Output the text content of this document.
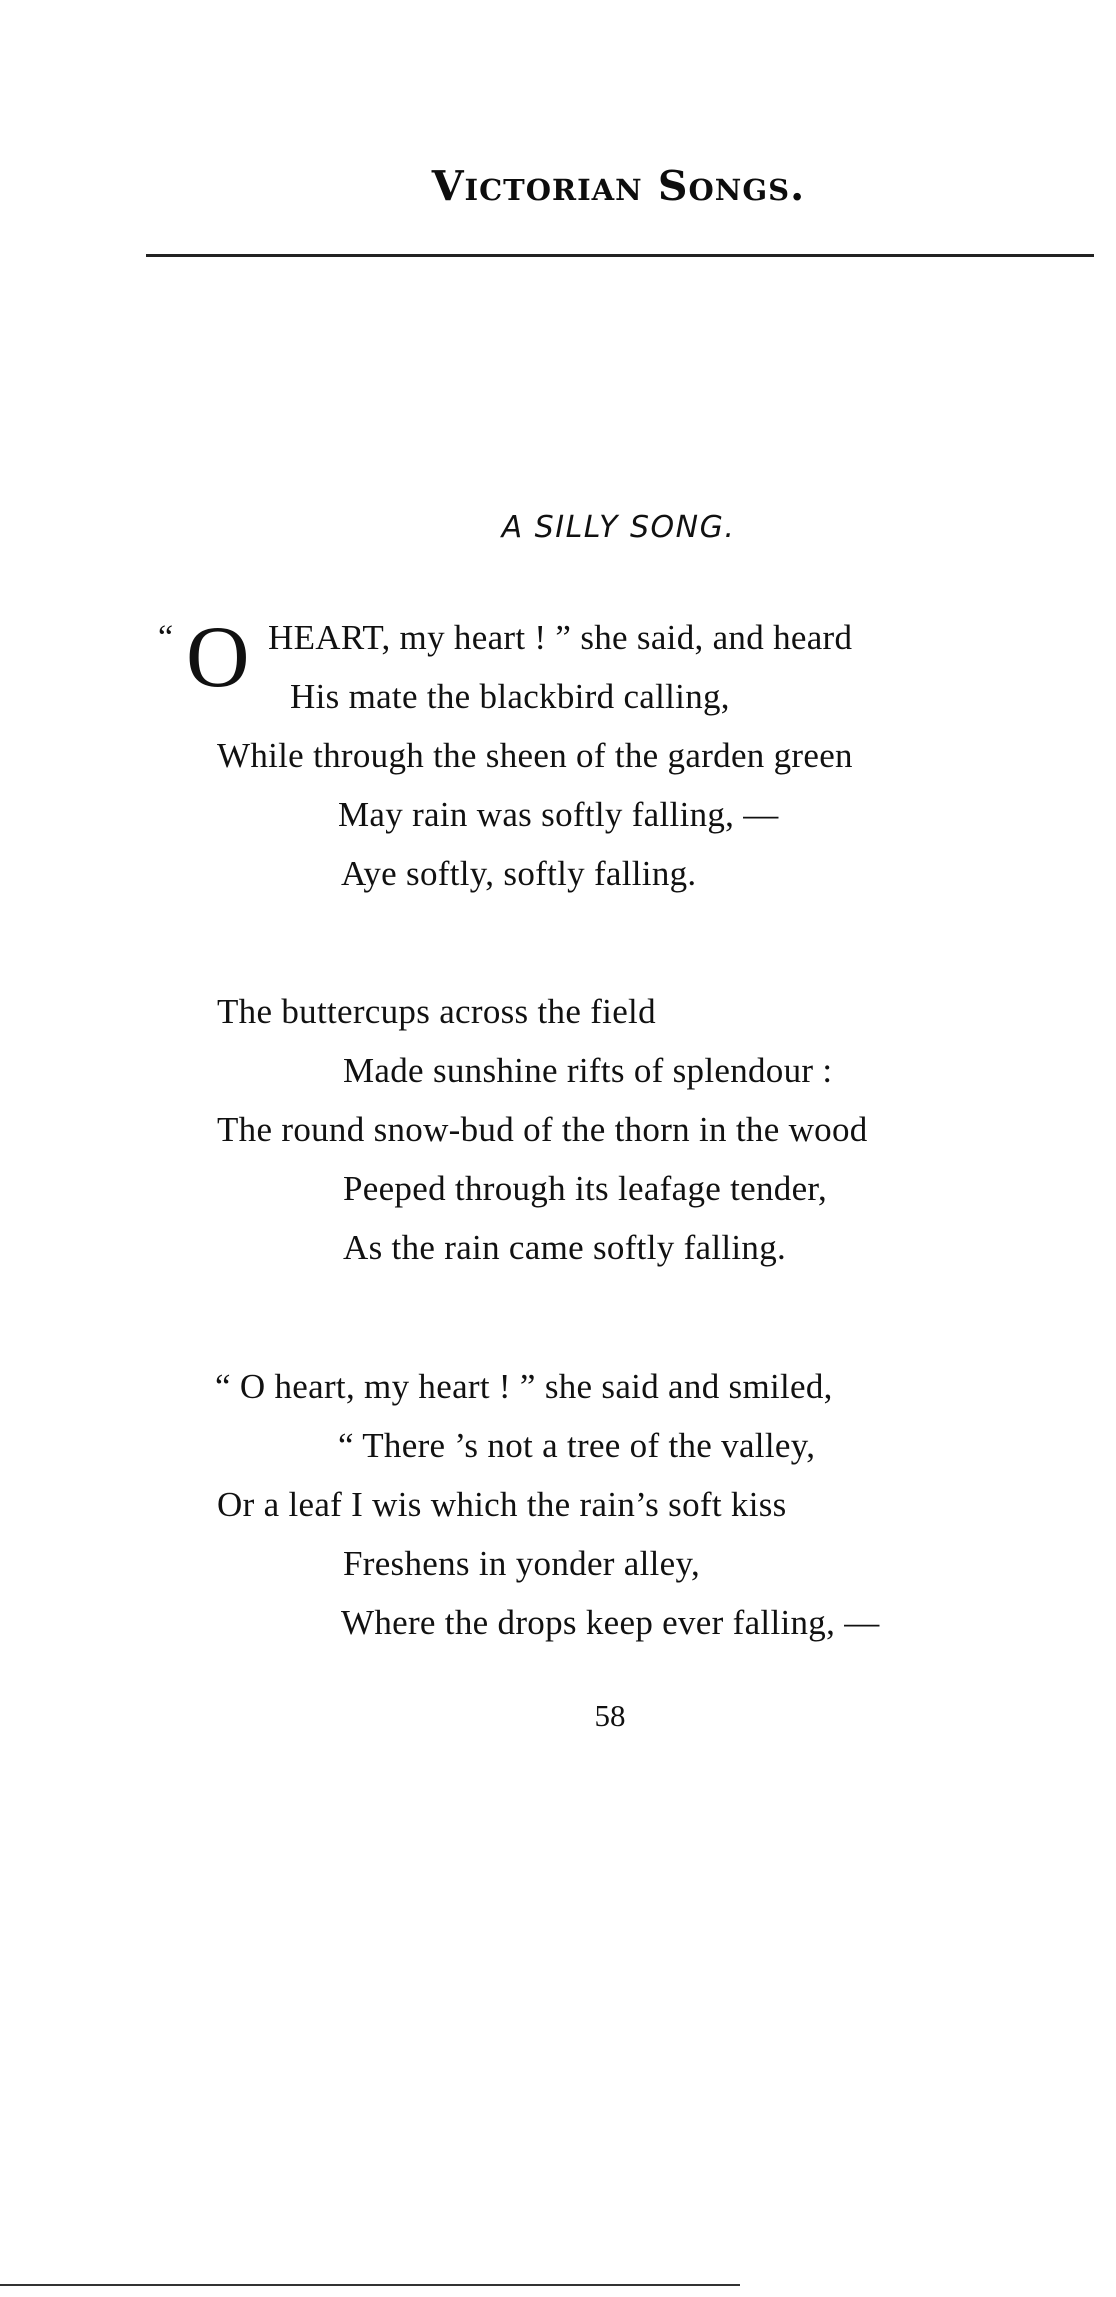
Victorian Songs.
A SILLY SONG.
“ O HEART, my heart ! ” she said, and heard
His mate the blackbird calling,
While through the sheen of the garden green
May rain was softly falling, —
Aye softly, softly falling.
The buttercups across the field
Made sunshine rifts of splendour :
The round snow-bud of the thorn in the wood
Peeped through its leafage tender,
As the rain came softly falling.
“ O heart, my heart ! ” she said and smiled,
“ There ’s not a tree of the valley,
Or a leaf I wis which the rain’s soft kiss
Freshens in yonder alley,
Where the drops keep ever falling, —
58
